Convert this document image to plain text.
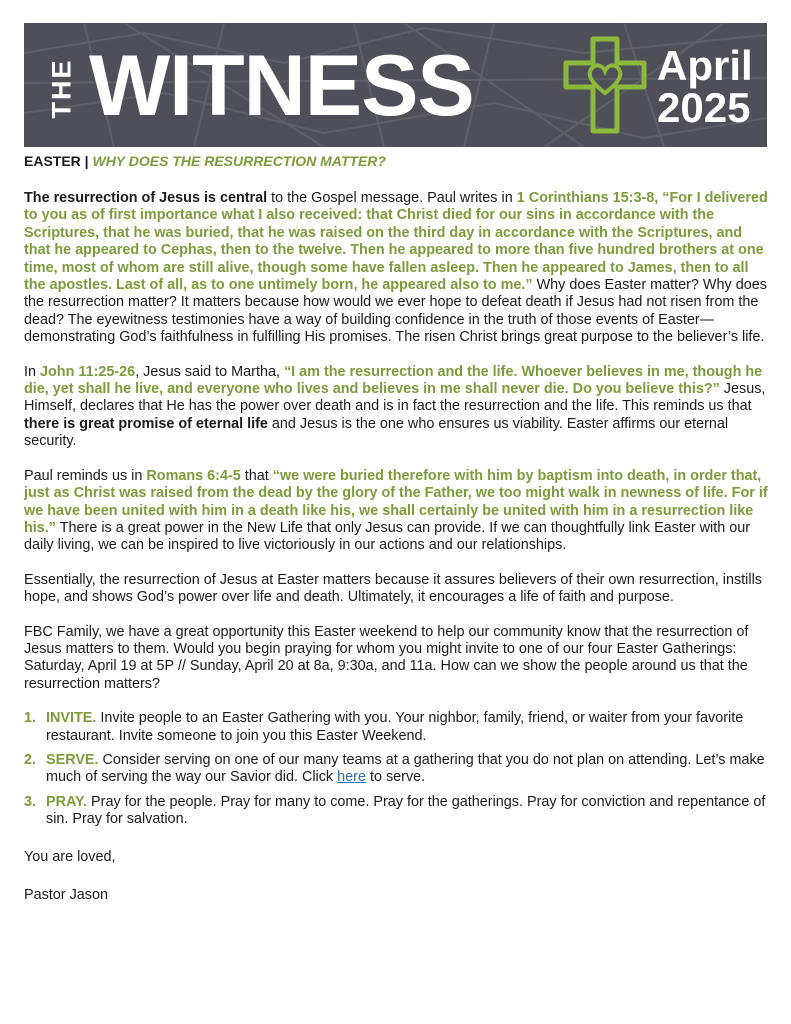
THE WITNESS	April
2025
EASTER | WHY DOES THE RESURRECTION MATTER?

The resurrection of Jesus is central to the Gospel message. Paul writes in 1 Corinthians 15:3-8, “For I delivered to you as of first importance what I also received: that Christ died for our sins in accordance with the Scriptures, that he was buried, that he was raised on the third day in accordance with the Scriptures, and that he appeared to Cephas, then to the twelve. Then he appeared to more than five hundred brothers at one time, most of whom are still alive, though some have fallen asleep. Then he appeared to James, then to all the apostles. Last of all, as to one untimely born, he appeared also to me.” Why does Easter matter? Why does the resurrection matter? It matters because how would we ever hope to defeat death if Jesus had not risen from the dead? The eyewitness testimonies have a way of building confidence in the truth of those events of Easter—demonstrating God’s faithfulness in fulfilling His promises. The risen Christ brings great purpose to the believer’s life.

In John 11:25-26, Jesus said to Martha, “I am the resurrection and the life. Whoever believes in me, though he die, yet shall he live, and everyone who lives and believes in me shall never die. Do you believe this?” Jesus, Himself, declares that He has the power over death and is in fact the resurrection and the life. This reminds us that there is great promise of eternal life and Jesus is the one who ensures us viability. Easter affirms our eternal security.

Paul reminds us in Romans 6:4-5 that “we were buried therefore with him by baptism into death, in order that, just as Christ was raised from the dead by the glory of the Father, we too might walk in newness of life. For if we have been united with him in a death like his, we shall certainly be united with him in a resurrection like his.” There is a great power in the New Life that only Jesus can provide. If we can thoughtfully link Easter with our daily living, we can be inspired to live victoriously in our actions and our relationships.

Essentially, the resurrection of Jesus at Easter matters because it assures believers of their own resurrection, instills hope, and shows God’s power over life and death. Ultimately, it encourages a life of faith and purpose.

FBC Family, we have a great opportunity this Easter weekend to help our community know that the resurrection of Jesus matters to them. Would you begin praying for whom you might invite to one of our four Easter Gatherings: Saturday, April 19 at 5P // Sunday, April 20 at 8a, 9:30a, and 11a. How can we show the people around us that the resurrection matters?

1. INVITE. Invite people to an Easter Gathering with you. Your nighbor, family, friend, or waiter from your favorite restaurant. Invite someone to join you this Easter Weekend.
2. SERVE. Consider serving on one of our many teams at a gathering that you do not plan on attending. Let’s make much of serving the way our Savior did. Click here to serve.
3. PRAY. Pray for the people. Pray for many to come. Pray for the gatherings. Pray for conviction and repentance of sin. Pray for salvation.

You are loved,

Pastor Jason
